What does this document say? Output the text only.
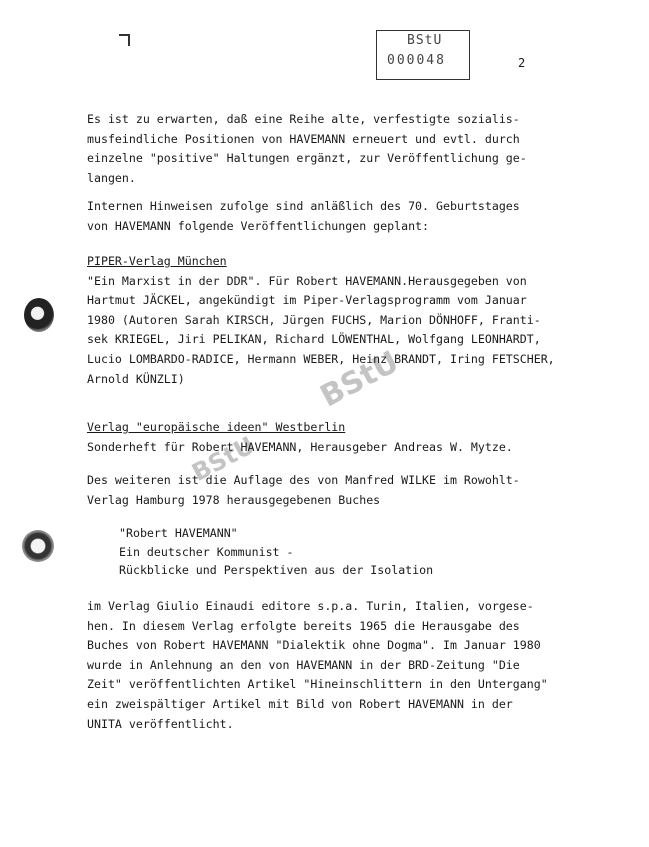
BStU
000048	2
BStU
BStU
Es ist zu erwarten, daß eine Reihe alte, verfestigte sozialis-
musfeindliche Positionen von HAVEMANN erneuert und evtl. durch
einzelne "positive" Haltungen ergänzt, zur Veröffentlichung ge-
langen.
Internen Hinweisen zufolge sind anläßlich des 70. Geburtstages
von HAVEMANN folgende Veröffentlichungen geplant:
PIPER-Verlag München
"Ein Marxist in der DDR". Für Robert HAVEMANN.Herausgegeben von
Hartmut JÄCKEL, angekündigt im Piper-Verlagsprogramm vom Januar
1980 (Autoren Sarah KIRSCH, Jürgen FUCHS, Marion DÖNHOFF, Franti-
sek KRIEGEL, Jiri PELIKAN, Richard LÖWENTHAL, Wolfgang LEONHARDT,
Lucio LOMBARDO-RADICE, Hermann WEBER, Heinz BRANDT, Iring FETSCHER,
Arnold KÜNZLI)
Verlag "europäische ideen" Westberlin
Sonderheft für Robert HAVEMANN, Herausgeber Andreas W. Mytze.
Des weiteren ist die Auflage des von Manfred WILKE im Rowohlt-
Verlag Hamburg 1978 herausgegebenen Buches
"Robert HAVEMANN"
Ein deutscher Kommunist -
Rückblicke und Perspektiven aus der Isolation
im Verlag Giulio Einaudi editore s.p.a. Turin, Italien, vorgese-
hen. In diesem Verlag erfolgte bereits 1965 die Herausgabe des
Buches von Robert HAVEMANN "Dialektik ohne Dogma". Im Januar 1980
wurde in Anlehnung an den von HAVEMANN in der BRD-Zeitung "Die
Zeit" veröffentlichten Artikel "Hineinschlittern in den Untergang"
ein zweispältiger Artikel mit Bild von Robert HAVEMANN in der
UNITA veröffentlicht.
